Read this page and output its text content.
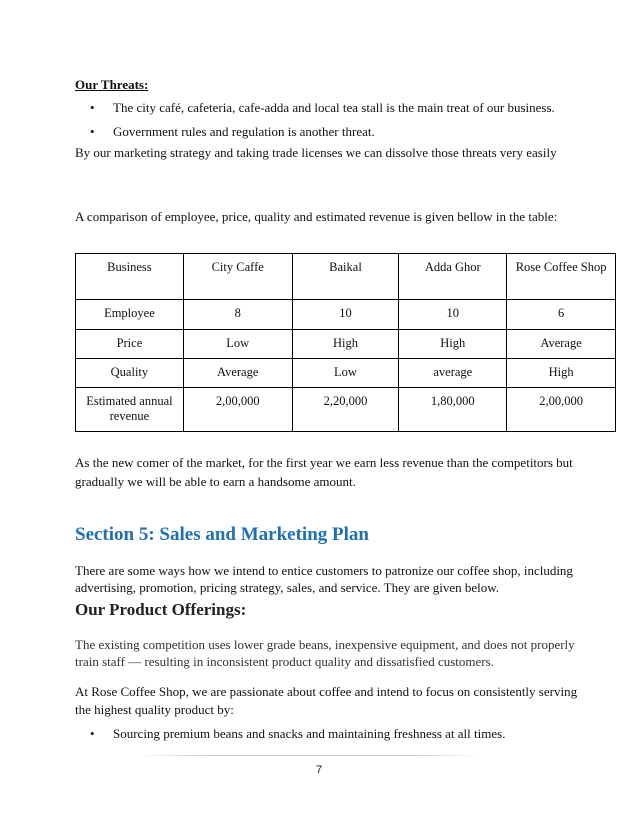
Our Threats:

• The city café, cafeteria, cafe-adda and local tea stall is the main treat of our business.
• Government rules and regulation is another threat.

By our marketing strategy and taking trade licenses we can dissolve those threats very easily

A comparison of employee, price, quality and estimated revenue is given bellow in the table:

Business	City Caffe	Baikal	Adda Ghor	Rose Coffee Shop
Employee	8	10	10	6
Price	Low	High	High	Average
Quality	Average	Low	average	High
Estimated annual revenue	2,00,000	2,20,000	1,80,000	2,00,000

As the new comer of the market, for the first year we earn less revenue than the competitors but

gradually we will be able to earn a handsome amount.

Section 5: Sales and Marketing Plan

There are some ways how we intend to entice customers to patronize our coffee shop, including

advertising, promotion, pricing strategy, sales, and service. They are given below.

Our Product Offerings:

The existing competition uses lower grade beans, inexpensive equipment, and does not properly

train staff — resulting in inconsistent product quality and dissatisfied customers.

At Rose Coffee Shop, we are passionate about coffee and intend to focus on consistently serving

the highest quality product by:

• Sourcing premium beans and snacks and maintaining freshness at all times.
7
